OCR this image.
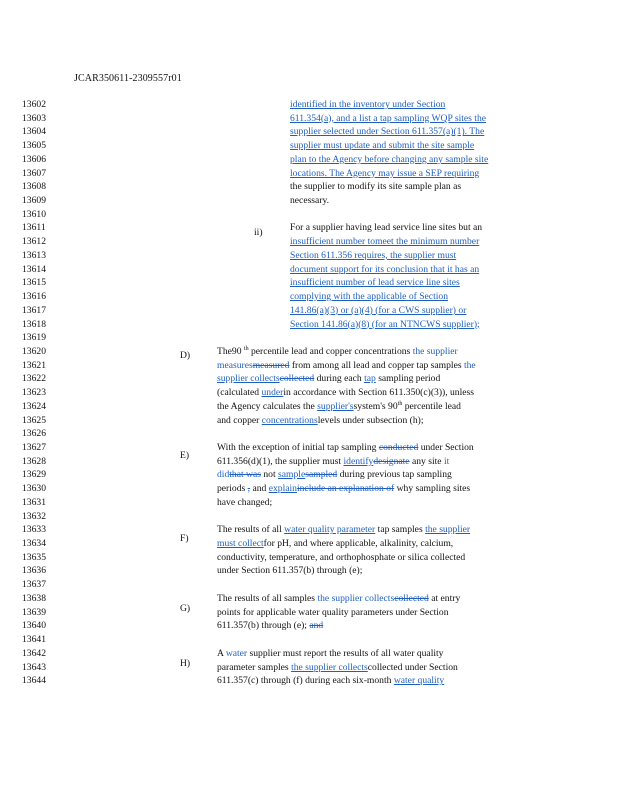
JCAR350611-2309557r01
13602
13603
13604
13605
13606
13607
13608
13609
13610
13611
13612
13613
13614
13615
13616
13617
13618
13619
13620
13621
13622
13623
13624
13625
13626
13627
13628
13629
13630
13631
13632
13633
13634
13635
13636
13637
13638
13639
13640
13641
13642
13643
13644
ii)
D)
E)
F)
G)
H)
identified in the inventory under Section
611.354(a), and a list a tap sampling WQP sites the
supplier selected under Section 611.357(a)(1). The
supplier must update and submit the site sample
plan to the Agency before changing any sample site
locations. The Agency may issue a SEP requiring
the supplier to modify its site sample plan as
necessary.
For a supplier having lead service line sites but an
insufficient number tomeet the minimum number
Section 611.356 requires, the supplier must
document support for its conclusion that it has an
insufficient number of lead service line sites
complying with the applicable of Section
141.86(a)(3) or (a)(4) (for a CWS supplier) or
Section 141.86(a)(8) (for an NTNCWS supplier);
The90 $^{th}$ percentile lead and copper concentrations the supplier
measuresmeasured from among all lead and copper tap samples the
supplier collectscollected during each tap sampling period
(calculated underin accordance with Section 611.350(c)(3)), unless
the Agency calculates the supplier'ssystem's 90th percentile lead
and copper concentrationslevels under subsection (h);
With the exception of initial tap sampling conducted under Section
611.356(d)(1), the supplier must identifydesignate any site it
didthat was not samplesampled during previous tap sampling
periods , and explaininclude an explanation of why sampling sites
have changed;
The results of all water quality parameter tap samples the supplier
must collectfor pH, and where applicable, alkalinity, calcium,
conductivity, temperature, and orthophosphate or silica collected
under Section 611.357(b) through (e);
The results of all samples the supplier collectscollected at entry
points for applicable water quality parameters under Section
611.357(b) through (e); and
A water supplier must report the results of all water quality
parameter samples the supplier collectscollected under Section
611.357(c) through (f) during each six-month water quality
